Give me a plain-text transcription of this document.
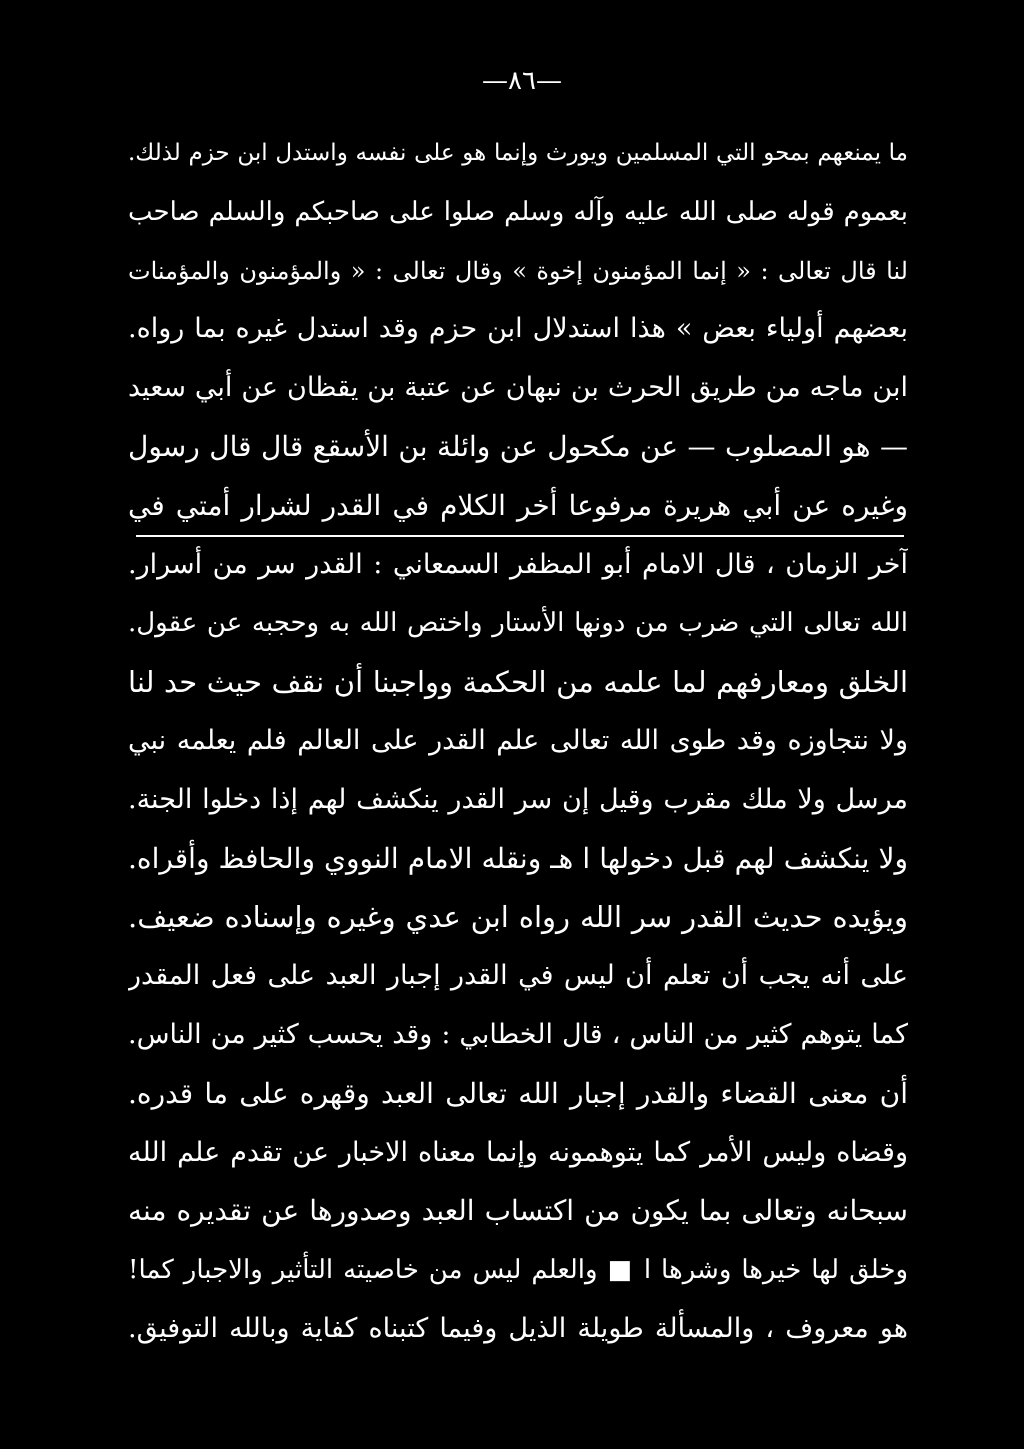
—٨٦—
ما يمنعهم بمحو التي المسلمين ويورث وإنما هو على نفسه واستدل ابن حزم لذلك.
بعموم قوله صلى الله عليه وآله وسلم صلوا على صاحبكم والسلم صاحب
لنا قال تعالى : « إنما المؤمنون إخوة » وقال تعالى : « والمؤمنون والمؤمنات
بعضهم أولياء بعض » هذا استدلال ابن حزم وقد استدل غيره بما رواه.
ابن ماجه من طريق الحرث بن نبهان عن عتبة بن يقظان عن أبي سعيد
— هو المصلوب — عن مكحول عن وائلة بن الأسقع قال قال رسول
وغيره عن أبي هريرة مرفوعا أخر الكلام في القدر لشرار أمتي في
آخر الزمان ، قال الامام أبو المظفر السمعاني : القدر سر من أسرار.
الله تعالى التي ضرب من دونها الأستار واختص الله به وحجبه عن عقول.
الخلق ومعارفهم لما علمه من الحكمة وواجبنا أن نقف حيث حد لنا
ولا نتجاوزه وقد طوى الله تعالى علم القدر على العالم فلم يعلمه نبي
مرسل ولا ملك مقرب وقيل إن سر القدر ينكشف لهم إذا دخلوا الجنة.
ولا ينكشف لهم قبل دخولها ا هـ ونقله الامام النووي والحافظ وأقراه.
ويؤيده حديث القدر سر الله رواه ابن عدي وغيره وإسناده ضعيف.
على أنه يجب أن تعلم أن ليس في القدر إجبار العبد على فعل المقدر
كما يتوهم كثير من الناس ، قال الخطابي : وقد يحسب كثير من الناس.
أن معنى القضاء والقدر إجبار الله تعالى العبد وقهره على ما قدره.
وقضاه وليس الأمر كما يتوهمونه وإنما معناه الاخبار عن تقدم علم الله
سبحانه وتعالى بما يكون من اكتساب العبد وصدورها عن تقديره منه
وخلق لها خيرها وشرها ا ■ والعلم ليس من خاصيته التأثير والاجبار كما!
هو معروف ، والمسألة طويلة الذيل وفيما كتبناه كفاية وبالله التوفيق.
